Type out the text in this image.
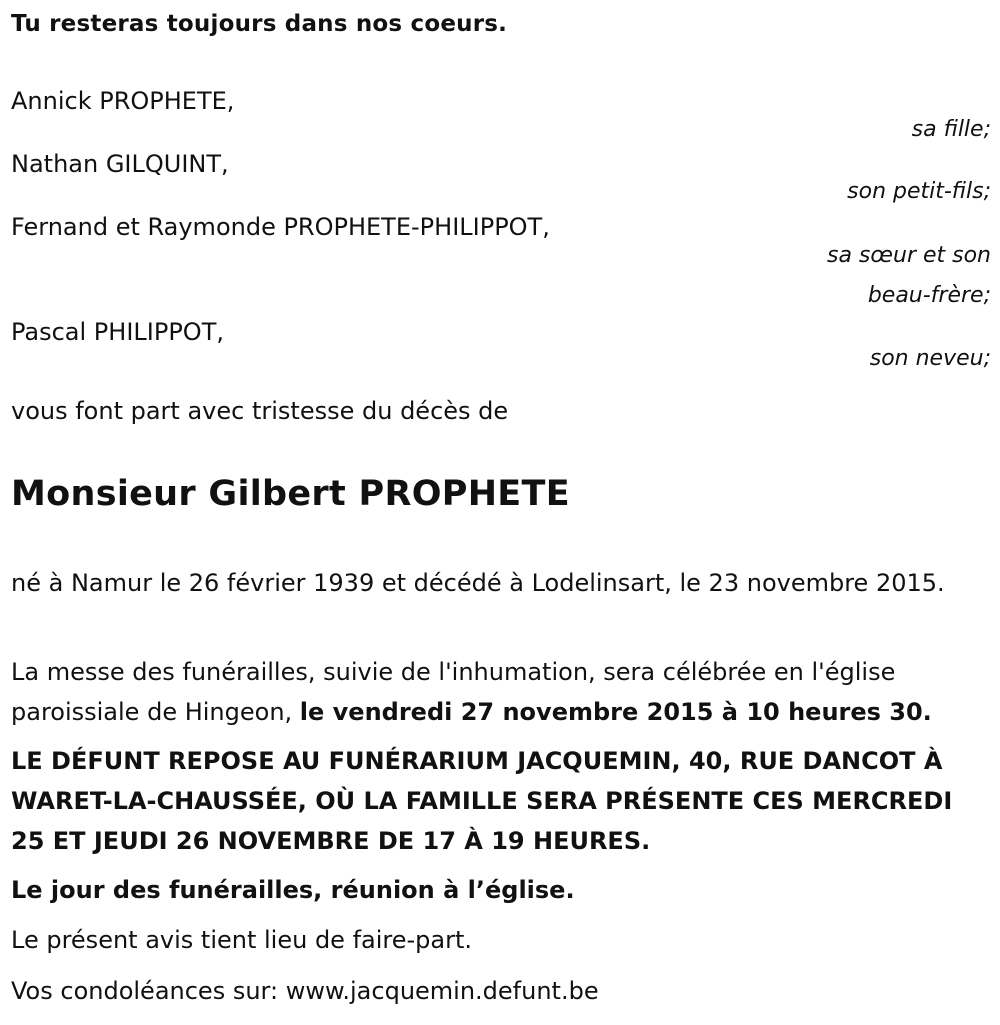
Tu resteras toujours dans nos coeurs.
Annick PROPHETE,
sa fille;
Nathan GILQUINT,
son petit-fils;
Fernand et Raymonde PROPHETE-PHILIPPOT,
sa sœur et son
beau-frère;
Pascal PHILIPPOT,
son neveu;
vous font part avec tristesse du décès de
Monsieur Gilbert PROPHETE
né à Namur le 26 février 1939 et décédé à Lodelinsart, le 23 novembre 2015.
La messe des funérailles, suivie de l'inhumation, sera célébrée en l'église paroissiale de Hingeon, le vendredi 27 novembre 2015 à 10 heures 30.
LE DÉFUNT REPOSE AU FUNÉRARIUM JACQUEMIN, 40, RUE DANCOT À WARET-LA-CHAUSSÉE, OÙ LA FAMILLE SERA PRÉSENTE CES MERCREDI 25 ET JEUDI 26 NOVEMBRE DE 17 À 19 HEURES.
Le jour des funérailles, réunion à l’église.
Le présent avis tient lieu de faire-part.
Vos condoléances sur: www.jacquemin.defunt.be
